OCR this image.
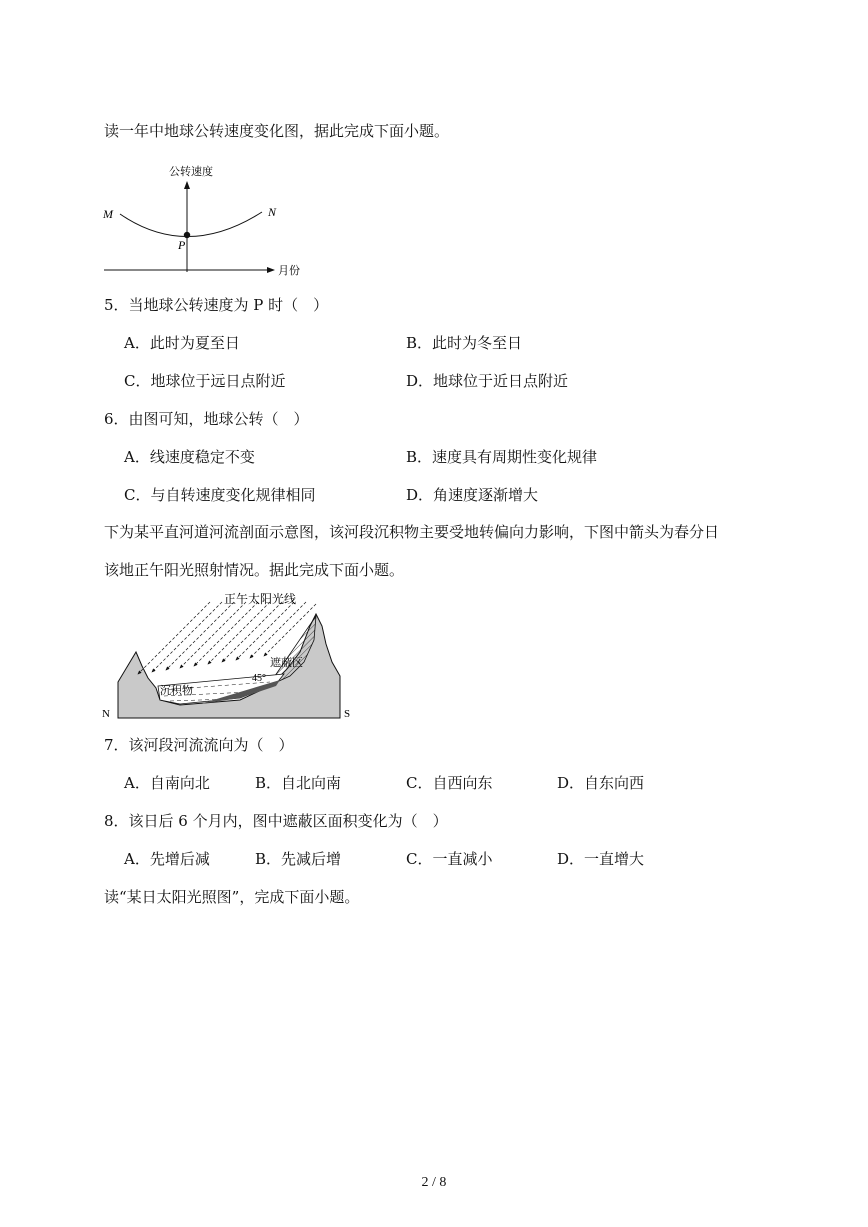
读一年中地球公转速度变化图，据此完成下面小题。
公转速度
月份
M	N
P
5．当地球公转速度为 P 时（　）
A．此时为夏至日	B．此时为冬至日
C．地球位于远日点附近	D．地球位于近日点附近
6．由图可知，地球公转（　）
A．线速度稳定不变	B．速度具有周期性变化规律
C．与自转速度变化规律相同	D．角速度逐渐增大
下为某平直河道河流剖面示意图，该河段沉积物主要受地转偏向力影响，下图中箭头为春分日
该地正午阳光照射情况。据此完成下面小题。
正午太阳光线
遮蔽区
45°
沉积物
N	S
7．该河段河流流向为（　）
A．自南向北	B．自北向南	C．自西向东	D．自东向西
8．该日后 6 个月内，图中遮蔽区面积变化为（　）
A．先增后减	B．先减后增	C．一直减小	D．一直增大
读“某日太阳光照图”，完成下面小题。
2 / 8
